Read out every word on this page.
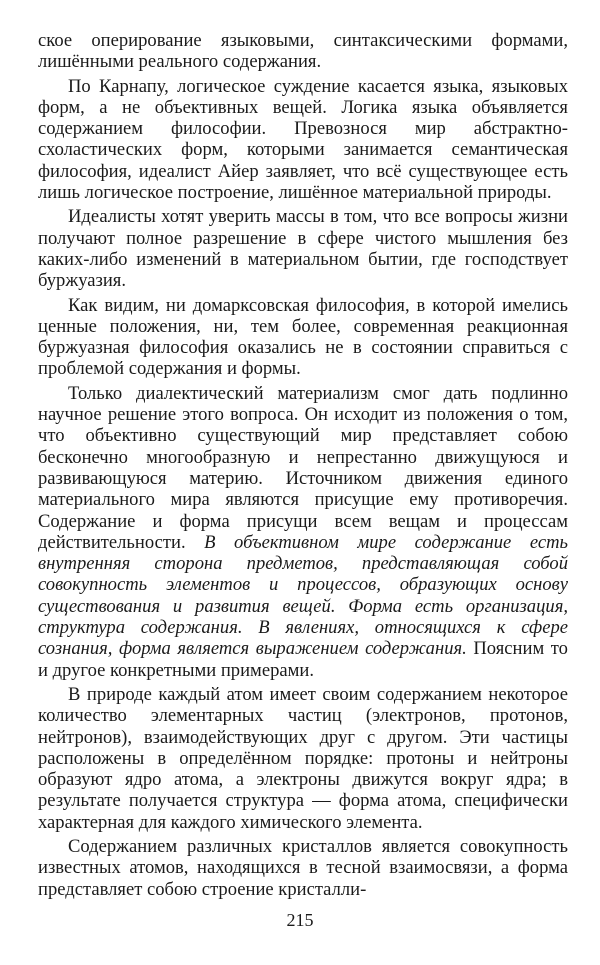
ское оперирование языковыми, синтаксическими формами, лишёнными реального содержания.

По Карнапу, логическое суждение касается языка, языковых форм, а не объективных вещей. Логика языка объявляется содержанием философии. Превознося мир абстрактно-схоластических форм, которыми занимается семантическая философия, идеалист Айер заявляет, что всё существующее есть лишь логическое построение, лишённое материальной природы.

Идеалисты хотят уверить массы в том, что все вопросы жизни получают полное разрешение в сфере чистого мышления без каких-либо изменений в материальном бытии, где господствует буржуазия.

Как видим, ни домарксовская философия, в которой имелись ценные положения, ни, тем более, современная реакционная буржуазная философия оказались не в состоянии справиться с проблемой содержания и формы.

Только диалектический материализм смог дать подлинно научное решение этого вопроса. Он исходит из положения о том, что объективно существующий мир представляет собою бесконечно многообразную и непрестанно движущуюся и развивающуюся материю. Источником движения единого материального мира являются присущие ему противоречия. Содержание и форма присущи всем вещам и процессам действительности. В объективном мире содержание есть внутренняя сторона предметов, представляющая собой совокупность элементов и процессов, образующих основу существования и развития вещей. Форма есть организация, структура содержания. В явлениях, относящихся к сфере сознания, форма является выражением содержания. Поясним то и другое конкретными примерами.

В природе каждый атом имеет своим содержанием некоторое количество элементарных частиц (электронов, протонов, нейтронов), взаимодействующих друг с другом. Эти частицы расположены в определённом порядке: протоны и нейтроны образуют ядро атома, а электроны движутся вокруг ядра; в результате получается структура — форма атома, специфически характерная для каждого химического элемента.

Содержанием различных кристаллов является совокупность известных атомов, находящихся в тесной взаимосвязи, а форма представляет собою строение кристалли-

215
